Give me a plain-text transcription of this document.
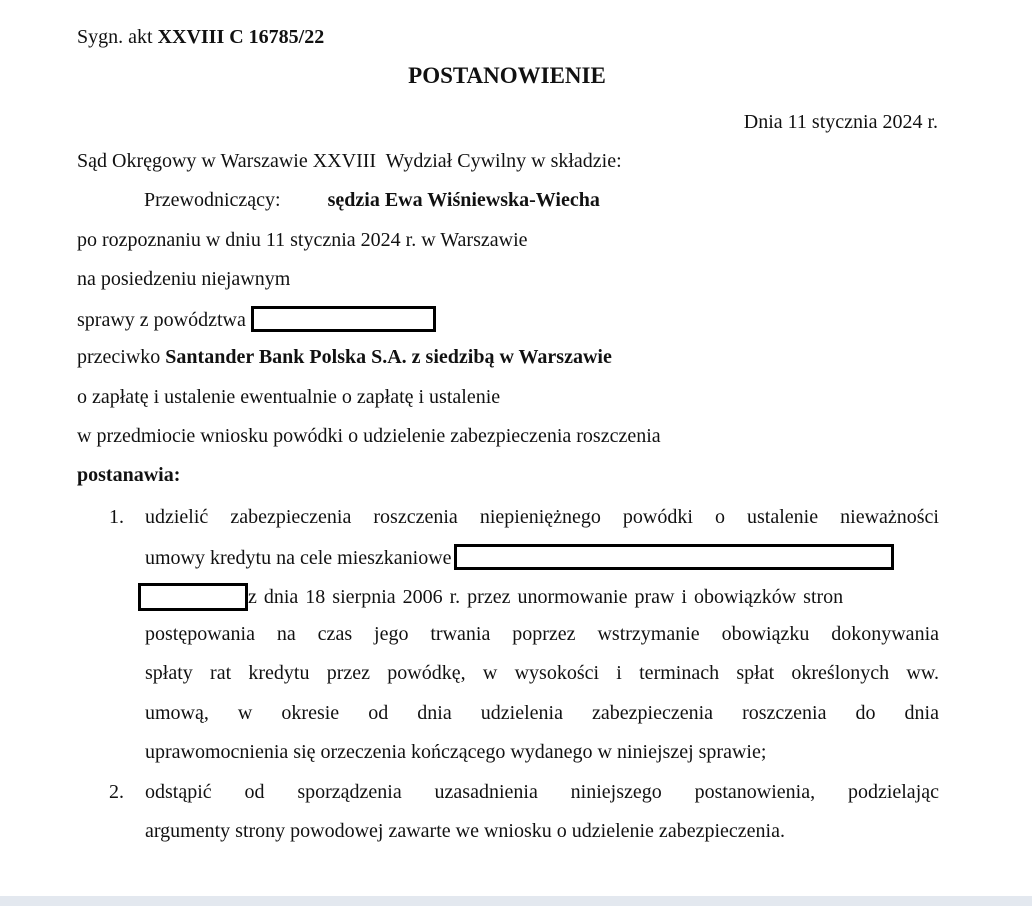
Sygn. akt XXVIII C 16785/22
POSTANOWIENIE
Dnia 11 stycznia 2024 r.
Sąd Okręgowy w Warszawie XXVIII  Wydział Cywilny w składzie:
Przewodniczący: sędzia Ewa Wiśniewska-Wiecha
po rozpoznaniu w dniu 11 stycznia 2024 r. w Warszawie
na posiedzeniu niejawnym
sprawy z powództwa
przeciwko Santander Bank Polska S.A. z siedzibą w Warszawie
o zapłatę i ustalenie ewentualnie o zapłatę i ustalenie
w przedmiocie wniosku powódki o udzielenie zabezpieczenia roszczenia
postanawia:
1. udzielić zabezpieczenia roszczenia niepieniężnego powódki o ustalenie nieważności
umowy kredytu na cele mieszkaniowe
z dnia 18 sierpnia 2006 r. przez unormowanie praw i obowiązków stron
postępowania na czas jego trwania poprzez wstrzymanie obowiązku dokonywania
spłaty rat kredytu przez powódkę, w wysokości i terminach spłat określonych ww.
umową, w okresie od dnia udzielenia zabezpieczenia roszczenia do dnia
uprawomocnienia się orzeczenia kończącego wydanego w niniejszej sprawie;
2. odstąpić od sporządzenia uzasadnienia niniejszego postanowienia, podzielając
argumenty strony powodowej zawarte we wniosku o udzielenie zabezpieczenia.
